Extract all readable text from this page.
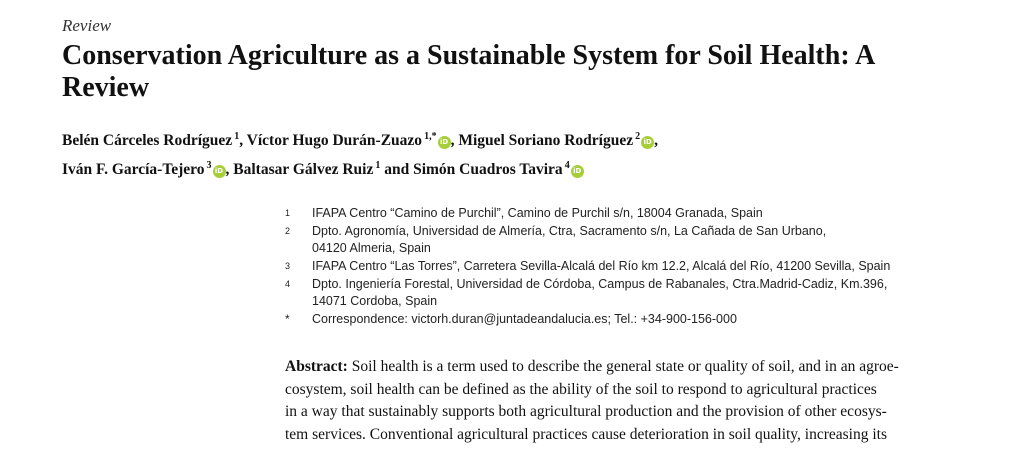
Review
Conservation Agriculture as a Sustainable System for Soil Health: A Review
Belén Cárceles Rodríguez $^1$, Víctor Hugo Durán-Zuazo $^{1,*}$ iD , Miguel Soriano Rodríguez $^2$ iD ,
Iván F. García-Tejero $^3$ iD , Baltasar Gálvez Ruiz $^1$ and Simón Cuadros Tavira $^4$ iD
1	IFAPA Centro “Camino de Purchil”, Camino de Purchil s/n, 18004 Granada, Spain
2	Dpto. Agronomía, Universidad de Almería, Ctra, Sacramento s/n, La Cañada de San Urbano,
04120 Almeria, Spain
3	IFAPA Centro “Las Torres”, Carretera Sevilla-Alcalá del Río km 12.2, Alcalá del Río, 41200 Sevilla, Spain
4	Dpto. Ingeniería Forestal, Universidad de Córdoba, Campus de Rabanales, Ctra.Madrid-Cadiz, Km.396,
14071 Cordoba, Spain
*	Correspondence: victorh.duran@juntadeandalucia.es; Tel.: +34-900-156-000

Abstract: Soil health is a term used to describe the general state or quality of soil, and in an agroe-
cosystem, soil health can be defined as the ability of the soil to respond to agricultural practices
in a way that sustainably supports both agricultural production and the provision of other ecosys-
tem services. Conventional agricultural practices cause deterioration in soil quality, increasing its
